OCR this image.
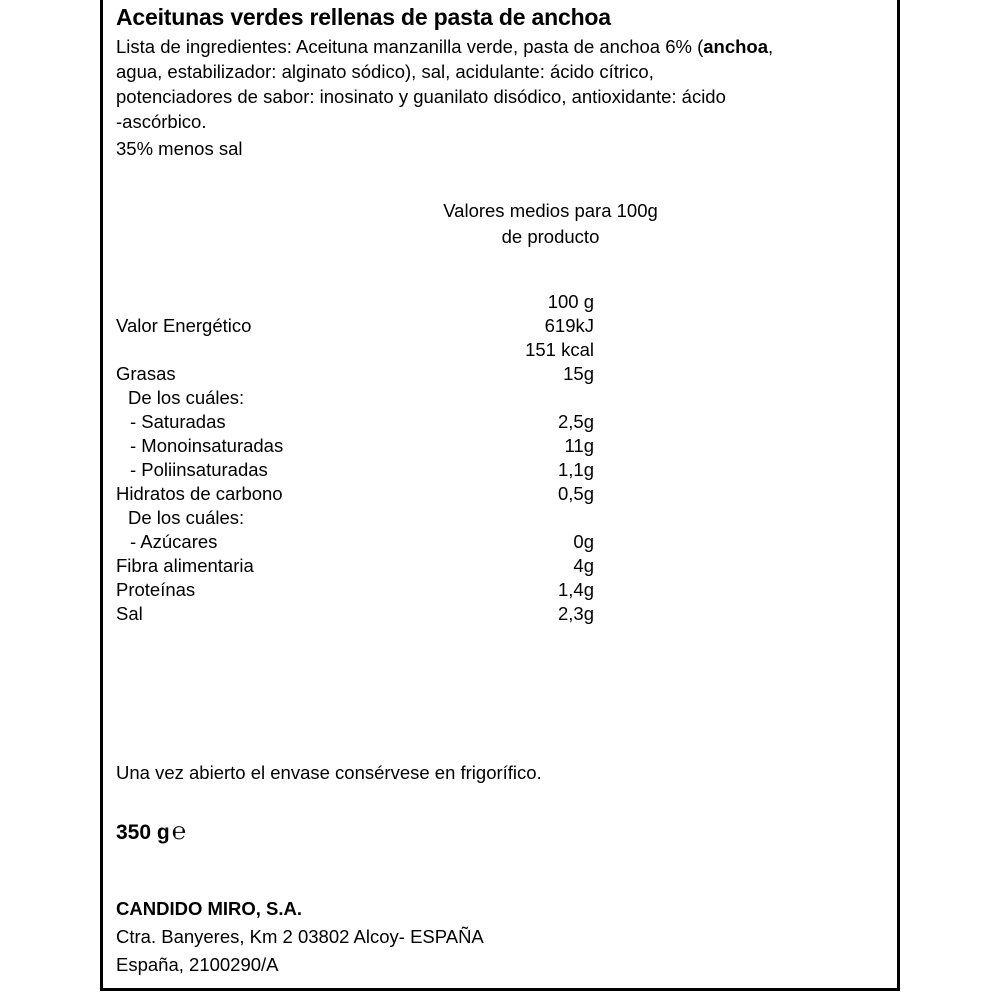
Aceitunas verdes rellenas de pasta de anchoa
Lista de ingredientes: Aceituna manzanilla verde, pasta de anchoa 6% (anchoa,
agua, estabilizador: alginato sódico), sal, acidulante: ácido cítrico,
potenciadores de sabor: inosinato y guanilato disódico, antioxidante: ácido
-ascórbico.
35% menos sal
Valores medios para 100g
de producto
100 g
Valor Energético	619kJ
151 kcal
Grasas	15g
De los cuáles:
- Saturadas	2,5g
- Monoinsaturadas	11g
- Poliinsaturadas	1,1g
Hidratos de carbono	0,5g
De los cuáles:
- Azúcares	0g
Fibra alimentaria	4g
Proteínas	1,4g
Sal	2,3g
Una vez abierto el envase consérvese en frigorífico.
350 g℮
CANDIDO MIRO, S.A.
Ctra. Banyeres, Km 2 03802 Alcoy- ESPAÑA
España, 2100290/A
